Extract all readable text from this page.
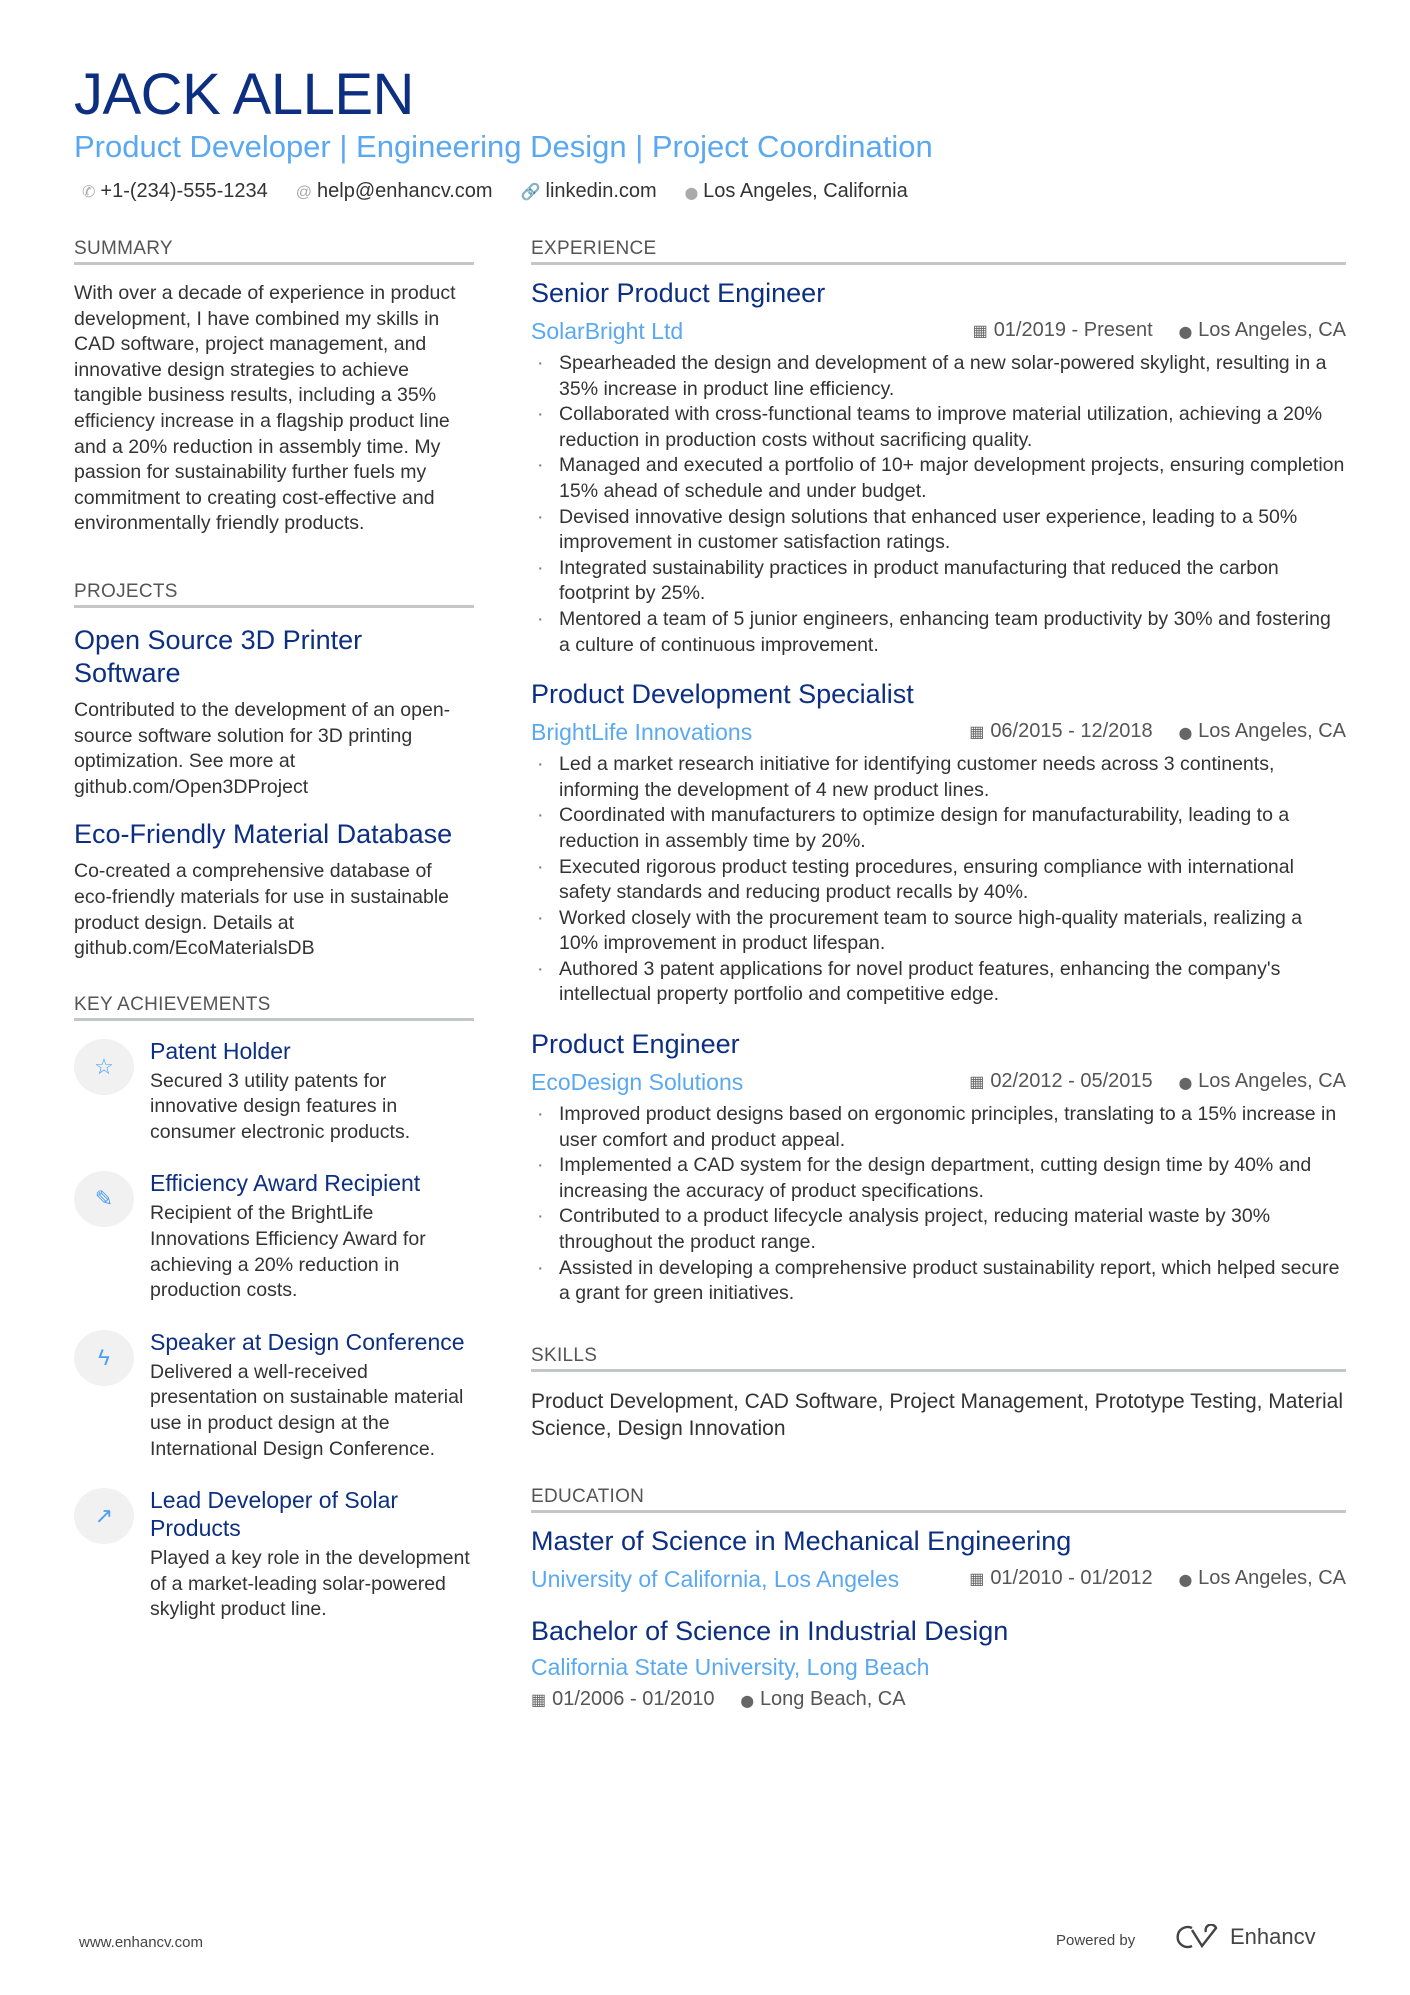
JACK ALLEN
Product Developer | Engineering Design | Project Coordination
✆ +1-(234)-555-1234 @ help@enhancv.com 🔗 linkedin.com ⬤ Los Angeles, California
SUMMARY
With over a decade of experience in product development, I have combined my skills in CAD software, project management, and innovative design strategies to achieve tangible business results, including a 35% efficiency increase in a flagship product line and a 20% reduction in assembly time. My passion for sustainability further fuels my commitment to creating cost-effective and environmentally friendly products.
PROJECTS
Open Source 3D Printer Software
Contributed to the development of an open-source software solution for 3D printing optimization. See more at github.com/Open3DProject
Eco-Friendly Material Database
Co-created a comprehensive database of eco-friendly materials for use in sustainable product design. Details at github.com/EcoMaterialsDB
KEY ACHIEVEMENTS
☆
Patent Holder
Secured 3 utility patents for innovative design features in consumer electronic products.
✎
Efficiency Award Recipient
Recipient of the BrightLife Innovations Efficiency Award for achieving a 20% reduction in production costs.
ϟ
Speaker at Design Conference
Delivered a well-received presentation on sustainable material use in product design at the International Design Conference.
↗
Lead Developer of Solar Products
Played a key role in the development of a market-leading solar-powered skylight product line.
EXPERIENCE
Senior Product Engineer
SolarBright Ltd	▦ 01/2019 - Present ⬤ Los Angeles, CA
· Spearheaded the design and development of a new solar-powered skylight, resulting in a 35% increase in product line efficiency.
· Collaborated with cross-functional teams to improve material utilization, achieving a 20% reduction in production costs without sacrificing quality.
· Managed and executed a portfolio of 10+ major development projects, ensuring completion 15% ahead of schedule and under budget.
· Devised innovative design solutions that enhanced user experience, leading to a 50% improvement in customer satisfaction ratings.
· Integrated sustainability practices in product manufacturing that reduced the carbon footprint by 25%.
· Mentored a team of 5 junior engineers, enhancing team productivity by 30% and fostering a culture of continuous improvement.
Product Development Specialist
BrightLife Innovations	▦ 06/2015 - 12/2018 ⬤ Los Angeles, CA
· Led a market research initiative for identifying customer needs across 3 continents, informing the development of 4 new product lines.
· Coordinated with manufacturers to optimize design for manufacturability, leading to a reduction in assembly time by 20%.
· Executed rigorous product testing procedures, ensuring compliance with international safety standards and reducing product recalls by 40%.
· Worked closely with the procurement team to source high-quality materials, realizing a 10% improvement in product lifespan.
· Authored 3 patent applications for novel product features, enhancing the company's intellectual property portfolio and competitive edge.
Product Engineer
EcoDesign Solutions	▦ 02/2012 - 05/2015 ⬤ Los Angeles, CA
· Improved product designs based on ergonomic principles, translating to a 15% increase in user comfort and product appeal.
· Implemented a CAD system for the design department, cutting design time by 40% and increasing the accuracy of product specifications.
· Contributed to a product lifecycle analysis project, reducing material waste by 30% throughout the product range.
· Assisted in developing a comprehensive product sustainability report, which helped secure a grant for green initiatives.
SKILLS
Product Development, CAD Software, Project Management, Prototype Testing, Material Science, Design Innovation
EDUCATION
Master of Science in Mechanical Engineering
University of California, Los Angeles	▦ 01/2010 - 01/2012 ⬤ Los Angeles, CA
Bachelor of Science in Industrial Design
California State University, Long Beach
▦ 01/2006 - 01/2010 ⬤ Long Beach, CA
www.enhancv.com	Powered by	Enhancv
